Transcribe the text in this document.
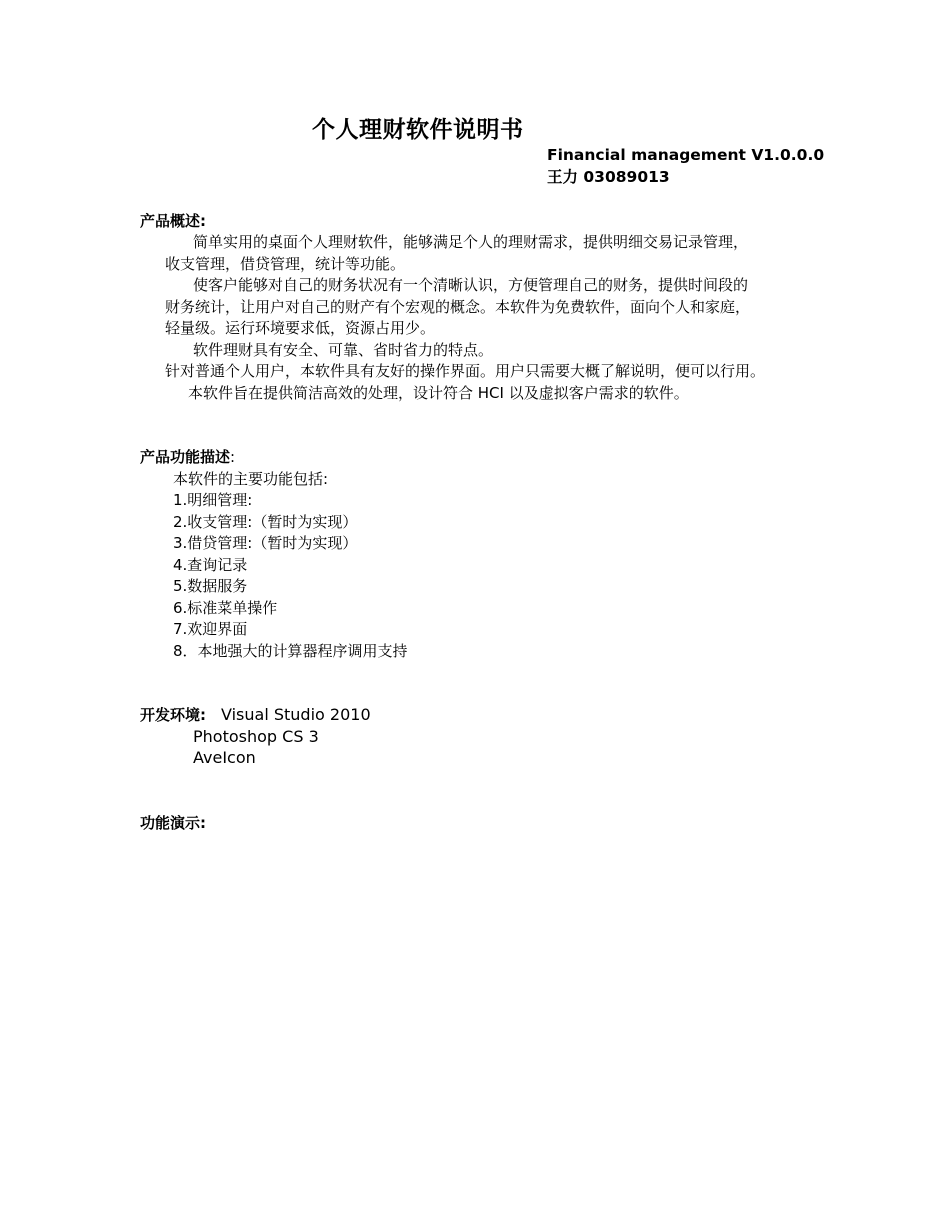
个人理财软件说明书
Financial management V1.0.0.0
王力 03089013
产品概述:
简单实用的桌面个人理财软件，能够满足个人的理财需求，提供明细交易记录管理，
收支管理，借贷管理，统计等功能。
使客户能够对自己的财务状况有一个清晰认识，方便管理自己的财务，提供时间段的
财务统计，让用户对自己的财产有个宏观的概念。本软件为免费软件，面向个人和家庭，
轻量级。运行环境要求低，资源占用少。
软件理财具有安全、可靠、省时省力的特点。
针对普通个人用户，本软件具有友好的操作界面。用户只需要大概了解说明，便可以行用。
本软件旨在提供简洁高效的处理，设计符合 HCI 以及虚拟客户需求的软件。
产品功能描述:
本软件的主要功能包括:
1.明细管理:
2.收支管理:（暂时为实现）
3.借贷管理:（暂时为实现）
4.查询记录
5.数据服务
6.标准菜单操作
7.欢迎界面
8．本地强大的计算器程序调用支持
开发环境: Visual Studio 2010
Photoshop CS 3
AveIcon
功能演示:
